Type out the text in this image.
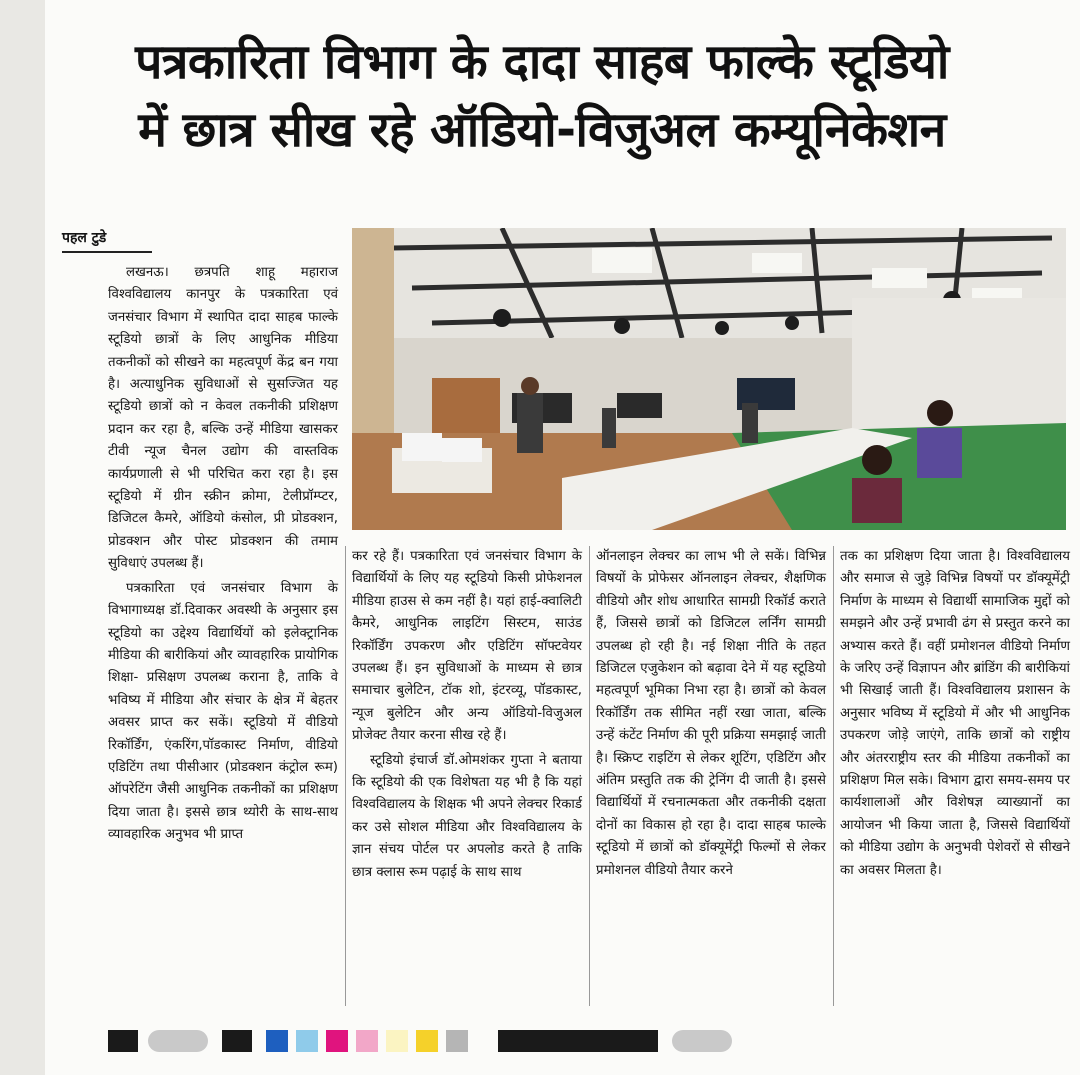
पत्रकारिता विभाग के दादा साहब फाल्के स्टूडियो
में छात्र सीख रहे ऑडियो-विजुअल कम्यूनिकेशन
पहल टुडे

लखनऊ। छत्रपति शाहू महाराज विश्वविद्यालय कानपुर के पत्रकारिता एवं जनसंचार विभाग में स्थापित दादा साहब फाल्के स्टूडियो छात्रों के लिए आधुनिक मीडिया तकनीकों को सीखने का महत्वपूर्ण केंद्र बन गया है। अत्याधुनिक सुविधाओं से सुसज्जित यह स्टूडियो छात्रों को न केवल तकनीकी प्रशिक्षण प्रदान कर रहा है, बल्कि उन्हें मीडिया खासकर टीवी न्यूज चैनल उद्योग की वास्तविक कार्यप्रणाली से भी परिचित करा रहा है। इस स्टूडियो में ग्रीन स्क्रीन क्रोमा, टेलीप्रॉम्प्टर, डिजिटल कैमरे, ऑडियो कंसोल, प्री प्रोडक्शन, प्रोडक्शन और पोस्ट प्रोडक्शन की तमाम सुविधाएं उपलब्ध हैं।

पत्रकारिता एवं जनसंचार विभाग के विभागाध्यक्ष डॉ.दिवाकर अवस्थी के अनुसार इस स्टूडियो का उद्देश्य विद्यार्थियों को इलेक्ट्रानिक मीडिया की बारीकियां और व्यावहारिक प्रायोगिक शिक्षा- प्रसिक्षण उपलब्ध कराना है, ताकि वे भविष्य में मीडिया और संचार के क्षेत्र में बेहतर अवसर प्राप्त कर सकें। स्टूडियो में वीडियो रिकॉर्डिंग, एंकरिंग,पॉडकास्ट निर्माण, वीडियो एडिटिंग तथा पीसीआर (प्रोडक्शन कंट्रोल रूम) ऑपरेटिंग जैसी आधुनिक तकनीकों का प्रशिक्षण दिया जाता है। इससे छात्र थ्योरी के साथ-साथ व्यावहारिक अनुभव भी प्राप्त

कर रहे हैं। पत्रकारिता एवं जनसंचार विभाग के विद्यार्थियों के लिए यह स्टूडियो किसी प्रोफेशनल मीडिया हाउस से कम नहीं है। यहां हाई-क्वालिटी कैमरे, आधुनिक लाइटिंग सिस्टम, साउंड रिकॉर्डिंग उपकरण और एडिटिंग सॉफ्टवेयर उपलब्ध हैं। इन सुविधाओं के माध्यम से छात्र समाचार बुलेटिन, टॉक शो, इंटरव्यू, पॉडकास्ट, न्यूज बुलेटिन और अन्य ऑडियो-विजुअल प्रोजेक्ट तैयार करना सीख रहे हैं।

स्टूडियो इंचार्ज डॉ.ओमशंकर गुप्ता ने बताया कि स्टूडियो की एक विशेषता यह भी है कि यहां विश्वविद्यालय के शिक्षक भी अपने लेक्चर रिकार्ड कर उसे सोशल मीडिया और विश्वविद्यालय के ज्ञान संचय पोर्टल पर अपलोड करते है ताकि छात्र क्लास रूम पढ़ाई के साथ साथ

ऑनलाइन लेक्चर का लाभ भी ले सकें। विभिन्न विषयों के प्रोफेसर ऑनलाइन लेक्चर, शैक्षणिक वीडियो और शोध आधारित सामग्री रिकॉर्ड कराते हैं, जिससे छात्रों को डिजिटल लर्निंग सामग्री उपलब्ध हो रही है। नई शिक्षा नीति के तहत डिजिटल एजुकेशन को बढ़ावा देने में यह स्टूडियो महत्वपूर्ण भूमिका निभा रहा है। छात्रों को केवल रिकॉर्डिंग तक सीमित नहीं रखा जाता, बल्कि उन्हें कंटेंट निर्माण की पूरी प्रक्रिया समझाई जाती है। स्क्रिप्ट राइटिंग से लेकर शूटिंग, एडिटिंग और अंतिम प्रस्तुति तक की ट्रेनिंग दी जाती है। इससे विद्यार्थियों में रचनात्मकता और तकनीकी दक्षता दोनों का विकास हो रहा है। दादा साहब फाल्के स्टूडियो में छात्रों को डॉक्यूमेंट्री फिल्मों से लेकर प्रमोशनल वीडियो तैयार करने

तक का प्रशिक्षण दिया जाता है। विश्वविद्यालय और समाज से जुड़े विभिन्न विषयों पर डॉक्यूमेंट्री निर्माण के माध्यम से विद्यार्थी सामाजिक मुद्दों को समझने और उन्हें प्रभावी ढंग से प्रस्तुत करने का अभ्यास करते हैं। वहीं प्रमोशनल वीडियो निर्माण के जरिए उन्हें विज्ञापन और ब्रांडिंग की बारीकियां भी सिखाई जाती हैं। विश्वविद्यालय प्रशासन के अनुसार भविष्य में स्टूडियो में और भी आधुनिक उपकरण जोड़े जाएंगे, ताकि छात्रों को राष्ट्रीय और अंतरराष्ट्रीय स्तर की मीडिया तकनीकों का प्रशिक्षण मिल सके। विभाग द्वारा समय-समय पर कार्यशालाओं और विशेषज्ञ व्याख्यानों का आयोजन भी किया जाता है, जिससे विद्यार्थियों को मीडिया उद्योग के अनुभवी पेशेवरों से सीखने का अवसर मिलता है।
